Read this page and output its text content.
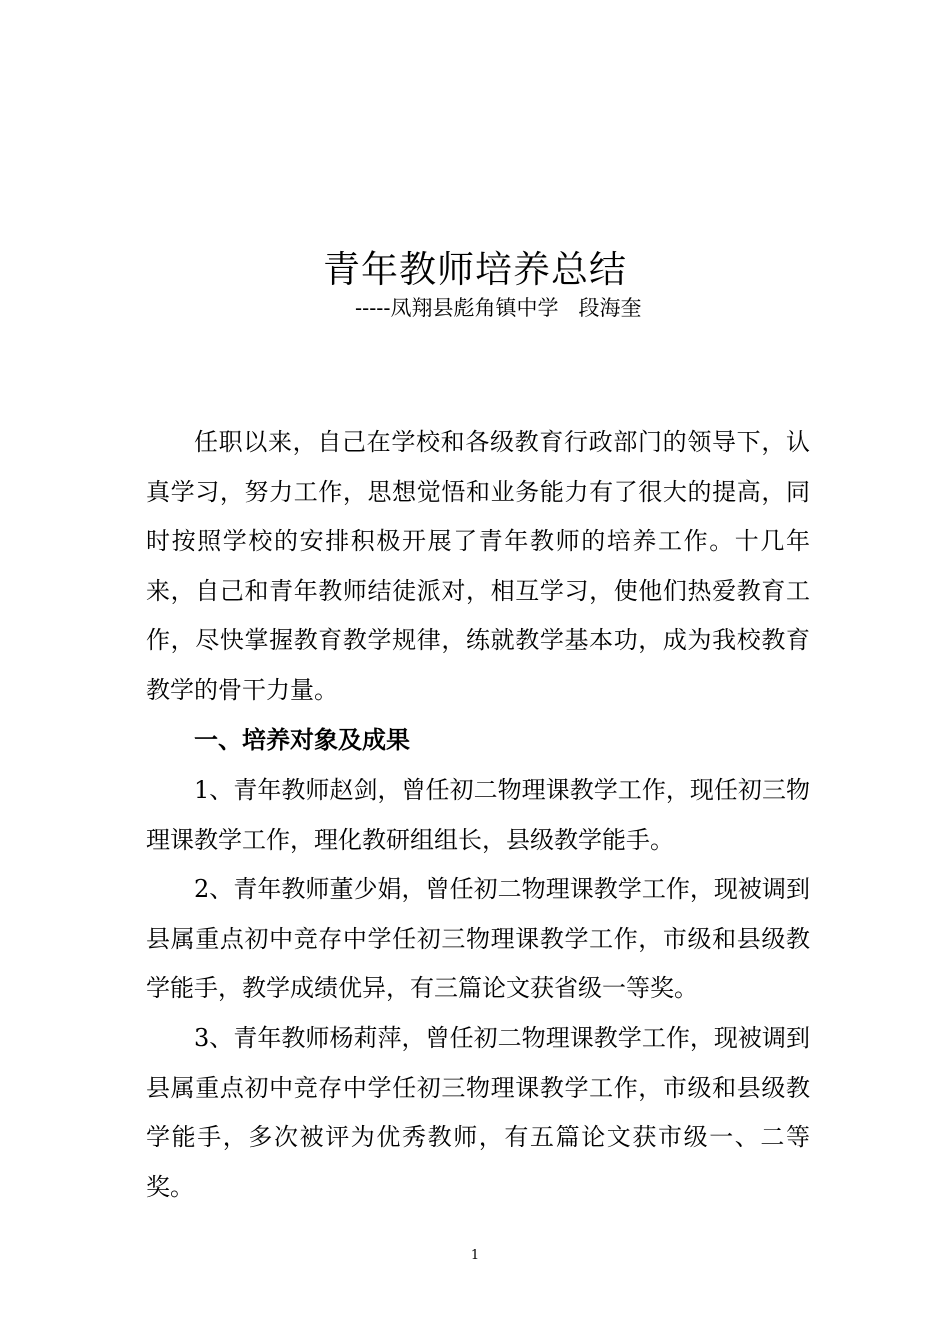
青年教师培养总结
-----凤翔县彪角镇中学   段海奎

任职以来，自己在学校和各级教育行政部门的领导下，认真学习，努力工作，思想觉悟和业务能力有了很大的提高，同时按照学校的安排积极开展了青年教师的培养工作。十几年来，自己和青年教师结徒派对，相互学习，使他们热爱教育工作，尽快掌握教育教学规律，练就教学基本功，成为我校教育教学的骨干力量。

一、培养对象及成果

1、青年教师赵剑，曾任初二物理课教学工作，现任初三物理课教学工作，理化教研组组长，县级教学能手。

2、青年教师董少娟，曾任初二物理课教学工作，现被调到县属重点初中竞存中学任初三物理课教学工作，市级和县级教学能手，教学成绩优异，有三篇论文获省级一等奖。

3、青年教师杨莉萍，曾任初二物理课教学工作，现被调到县属重点初中竞存中学任初三物理课教学工作，市级和县级教学能手，多次被评为优秀教师，有五篇论文获市级一、二等奖。

1
